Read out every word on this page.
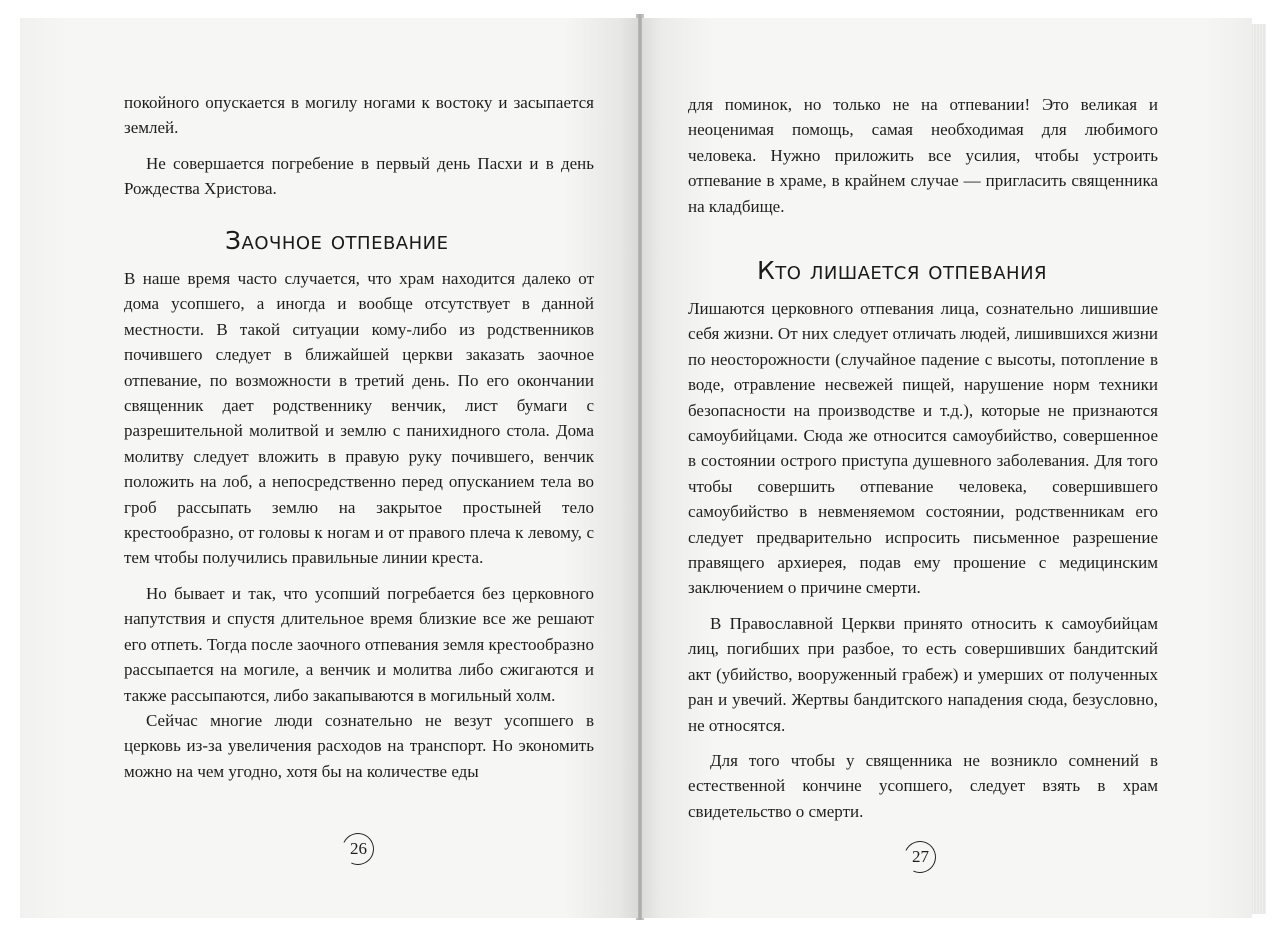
покойного опускается в могилу ногами к востоку и засыпается землей.

Не совершается погребение в первый день Пасхи и в день Рождества Христова.

Заочное отпевание

В наше время часто случается, что храм находится далеко от дома усопшего, а иногда и вообще отсутствует в данной местности. В такой ситуации кому-либо из родственников почившего следует в ближайшей церкви заказать заочное отпевание, по возможности в третий день. По его окончании священник дает родственнику венчик, лист бумаги с разрешительной молитвой и землю с панихидного стола. Дома молитву следует вложить в правую руку почившего, венчик положить на лоб, а непосредственно перед опусканием тела во гроб рассыпать землю на закрытое простыней тело крестообразно, от головы к ногам и от правого плеча к левому, с тем чтобы получились правильные линии креста.

Но бывает и так, что усопший погребается без церковного напутствия и спустя длительное время близкие все же решают его отпеть. Тогда после заочного отпевания земля крестообразно рассыпается на могиле, а венчик и молитва либо сжигаются и также рассыпаются, либо закапываются в могильный холм.

Сейчас многие люди сознательно не везут усопшего в церковь из-за увеличения расходов на транспорт. Но экономить можно на чем угодно, хотя бы на количестве еды

26

для поминок, но только не на отпевании! Это великая и неоценимая помощь, самая необходимая для любимого человека. Нужно приложить все усилия, чтобы устроить отпевание в храме, в крайнем случае — пригласить священника на кладбище.

Кто лишается отпевания

Лишаются церковного отпевания лица, сознательно лишившие себя жизни. От них следует отличать людей, лишившихся жизни по неосторожности (случайное падение с высоты, потопление в воде, отравление несвежей пищей, нарушение норм техники безопасности на производстве и т.д.), которые не признаются самоубийцами. Сюда же относится самоубийство, совершенное в состоянии острого приступа душевного заболевания. Для того чтобы совершить отпевание человека, совершившего самоубийство в невменяемом состоянии, родственникам его следует предварительно испросить письменное разрешение правящего архиерея, подав ему прошение с медицинским заключением о причине смерти.

В Православной Церкви принято относить к самоубийцам лиц, погибших при разбое, то есть совершивших бандитский акт (убийство, вооруженный грабеж) и умерших от полученных ран и увечий. Жертвы бандитского нападения сюда, безусловно, не относятся.

Для того чтобы у священника не возникло сомнений в естественной кончине усопшего, следует взять в храм свидетельство о смерти.

27
